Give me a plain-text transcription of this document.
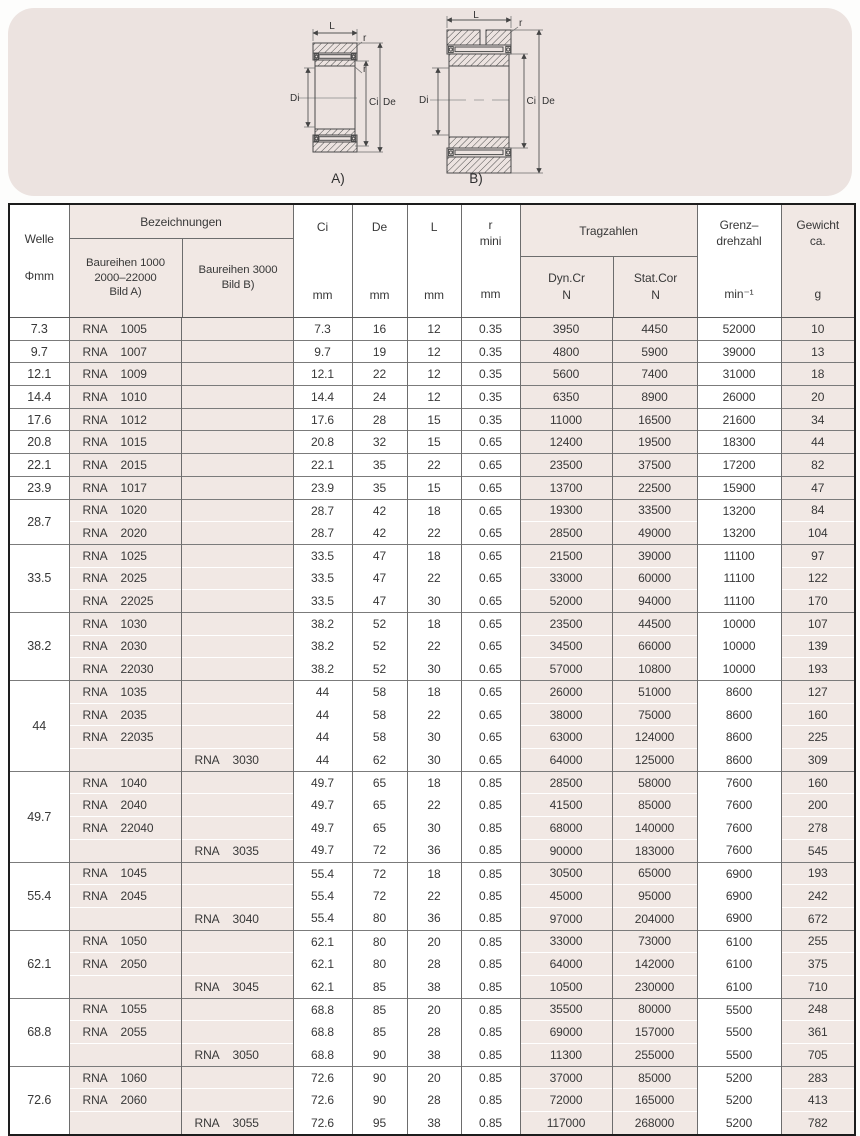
L
r
r
Di	Ci De
A)
L
r
Di	Ci De
B)
Welle
Φmm

Bezeichnungen
Baureihen 1000
2000–22000
Bild A)
Baureihen 3000
Bild B)

Ci
mm

De
mm

L
mm

r
mini
mm

Tragzahlen
Dyn.Cr
N
Stat.Cor
N

Grenz–
drehzahl
min⁻¹

Gewicht
ca.
g

7.3	RNA 1005		7.3	16	12	0.35	3950	4450	52000	10
9.7	RNA 1007		9.7	19	12	0.35	4800	5900	39000	13
12.1	RNA 1009		12.1	22	12	0.35	5600	7400	31000	18
14.4	RNA 1010		14.4	24	12	0.35	6350	8900	26000	20
17.6	RNA 1012		17.6	28	15	0.35	11000	16500	21600	34
20.8	RNA 1015		20.8	32	15	0.65	12400	19500	18300	44
22.1	RNA 2015		22.1	35	22	0.65	23500	37500	17200	82
23.9	RNA 1017		23.9	35	15	0.65	13700	22500	15900	47
28.7	RNA 1020		28.7	42	18	0.65	19300	33500	13200	84
	RNA 2020		28.7	42	22	0.65	28500	49000	13200	104
33.5	RNA 1025		33.5	47	18	0.65	21500	39000	11100	97
	RNA 2025		33.5	47	22	0.65	33000	60000	11100	122
	RNA 22025		33.5	47	30	0.65	52000	94000	11100	170
38.2	RNA 1030		38.2	52	18	0.65	23500	44500	10000	107
	RNA 2030		38.2	52	22	0.65	34500	66000	10000	139
	RNA 22030		38.2	52	30	0.65	57000	10800	10000	193
44	RNA 1035		44	58	18	0.65	26000	51000	8600	127
	RNA 2035		44	58	22	0.65	38000	75000	8600	160
	RNA 22035		44	58	30	0.65	63000	124000	8600	225
		RNA 3030	44	62	30	0.65	64000	125000	8600	309
49.7	RNA 1040		49.7	65	18	0.85	28500	58000	7600	160
	RNA 2040		49.7	65	22	0.85	41500	85000	7600	200
	RNA 22040		49.7	65	30	0.85	68000	140000	7600	278
		RNA 3035	49.7	72	36	0.85	90000	183000	7600	545
55.4	RNA 1045		55.4	72	18	0.85	30500	65000	6900	193
	RNA 2045		55.4	72	22	0.85	45000	95000	6900	242
		RNA 3040	55.4	80	36	0.85	97000	204000	6900	672
62.1	RNA 1050		62.1	80	20	0.85	33000	73000	6100	255
	RNA 2050		62.1	80	28	0.85	64000	142000	6100	375
		RNA 3045	62.1	85	38	0.85	10500	230000	6100	710
68.8	RNA 1055		68.8	85	20	0.85	35500	80000	5500	248
	RNA 2055		68.8	85	28	0.85	69000	157000	5500	361
		RNA 3050	68.8	90	38	0.85	11300	255000	5500	705
72.6	RNA 1060		72.6	90	20	0.85	37000	85000	5200	283
	RNA 2060		72.6	90	28	0.85	72000	165000	5200	413
		RNA 3055	72.6	95	38	0.85	117000	268000	5200	782
